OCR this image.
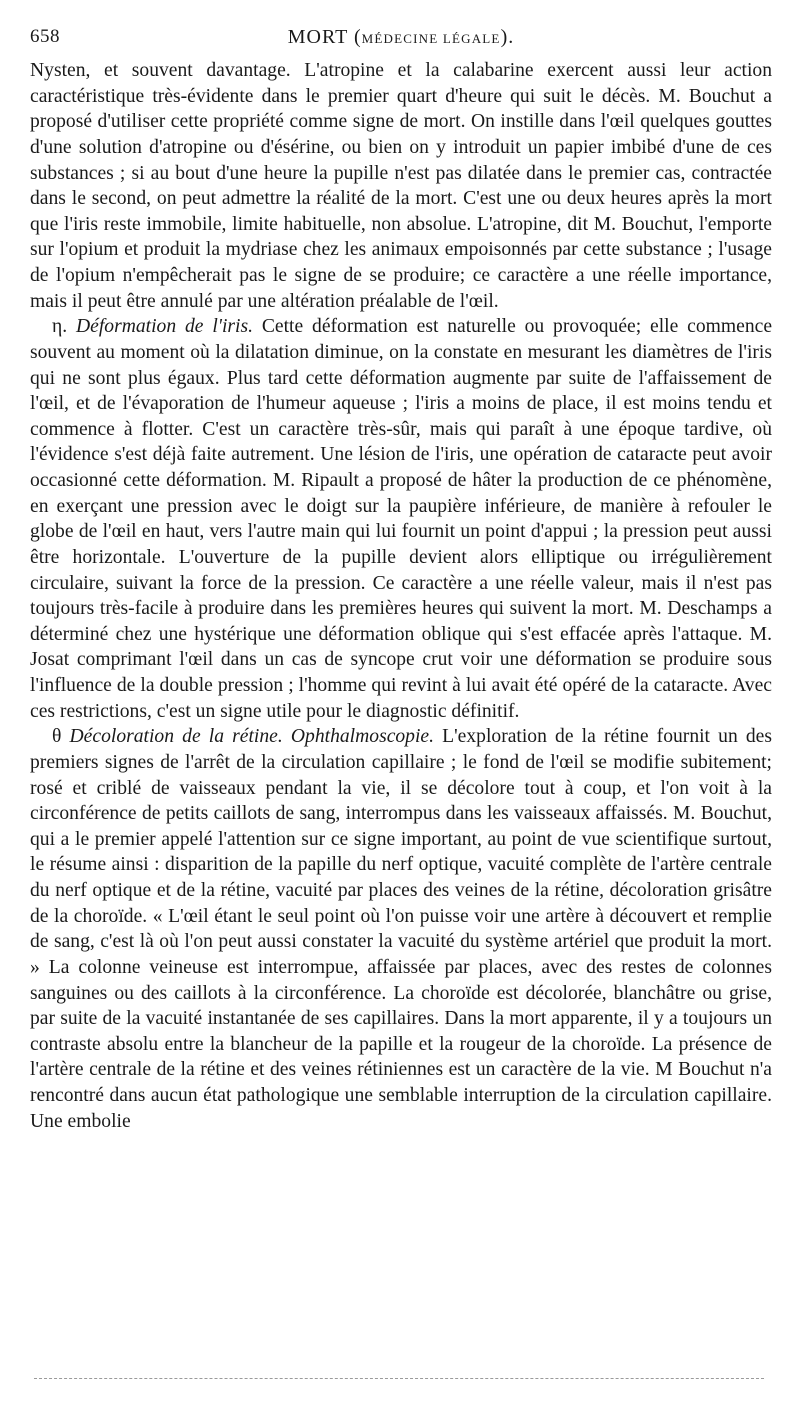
658	MORT (MÉDECINE LÉGALE).

Nysten, et souvent davantage. L'atropine et la calabarine exercent aussi leur action caractéristique très-évidente dans le premier quart d'heure qui suit le décès. M. Bouchut a proposé d'utiliser cette propriété comme signe de mort. On instille dans l'œil quelques gouttes d'une solution d'atropine ou d'ésérine, ou bien on y introduit un papier imbibé d'une de ces substances ; si au bout d'une heure la pupille n'est pas dilatée dans le premier cas, contractée dans le second, on peut admettre la réalité de la mort. C'est une ou deux heures après la mort que l'iris reste immobile, limite habituelle, non absolue. L'atropine, dit M. Bouchut, l'emporte sur l'opium et produit la mydriase chez les animaux empoisonnés par cette substance ; l'usage de l'opium n'empêcherait pas le signe de se produire; ce caractère a une réelle importance, mais il peut être annulé par une altération préalable de l'œil.

η. Déformation de l'iris. Cette déformation est naturelle ou provoquée; elle commence souvent au moment où la dilatation diminue, on la constate en mesurant les diamètres de l'iris qui ne sont plus égaux. Plus tard cette déformation augmente par suite de l'affaissement de l'œil, et de l'évaporation de l'humeur aqueuse ; l'iris a moins de place, il est moins tendu et commence à flotter. C'est un caractère très-sûr, mais qui paraît à une époque tardive, où l'évidence s'est déjà faite autrement. Une lésion de l'iris, une opération de cataracte peut avoir occasionné cette déformation. M. Ripault a proposé de hâter la production de ce phénomène, en exerçant une pression avec le doigt sur la paupière inférieure, de manière à refouler le globe de l'œil en haut, vers l'autre main qui lui fournit un point d'appui ; la pression peut aussi être horizontale. L'ouverture de la pupille devient alors elliptique ou irrégulièrement circulaire, suivant la force de la pression. Ce caractère a une réelle valeur, mais il n'est pas toujours très-facile à produire dans les premières heures qui suivent la mort. M. Deschamps a déterminé chez une hystérique une déformation oblique qui s'est effacée après l'attaque. M. Josat comprimant l'œil dans un cas de syncope crut voir une déformation se produire sous l'influence de la double pression ; l'homme qui revint à lui avait été opéré de la cataracte. Avec ces restrictions, c'est un signe utile pour le diagnostic définitif.

θ Décoloration de la rétine. Ophthalmoscopie. L'exploration de la rétine fournit un des premiers signes de l'arrêt de la circulation capillaire ; le fond de l'œil se modifie subitement; rosé et criblé de vaisseaux pendant la vie, il se décolore tout à coup, et l'on voit à la circonférence de petits caillots de sang, interrompus dans les vaisseaux affaissés. M. Bouchut, qui a le premier appelé l'attention sur ce signe important, au point de vue scientifique surtout, le résume ainsi : disparition de la papille du nerf optique, vacuité complète de l'artère centrale du nerf optique et de la rétine, vacuité par places des veines de la rétine, décoloration grisâtre de la choroïde. « L'œil étant le seul point où l'on puisse voir une artère à découvert et remplie de sang, c'est là où l'on peut aussi constater la vacuité du système artériel que produit la mort. » La colonne veineuse est interrompue, affaissée par places, avec des restes de colonnes sanguines ou des caillots à la circonférence. La choroïde est décolorée, blanchâtre ou grise, par suite de la vacuité instantanée de ses capillaires. Dans la mort apparente, il y a toujours un contraste absolu entre la blancheur de la papille et la rougeur de la choroïde. La présence de l'artère centrale de la rétine et des veines rétiniennes est un caractère de la vie. M Bouchut n'a rencontré dans aucun état pathologique une semblable interruption de la circulation capillaire. Une embolie
